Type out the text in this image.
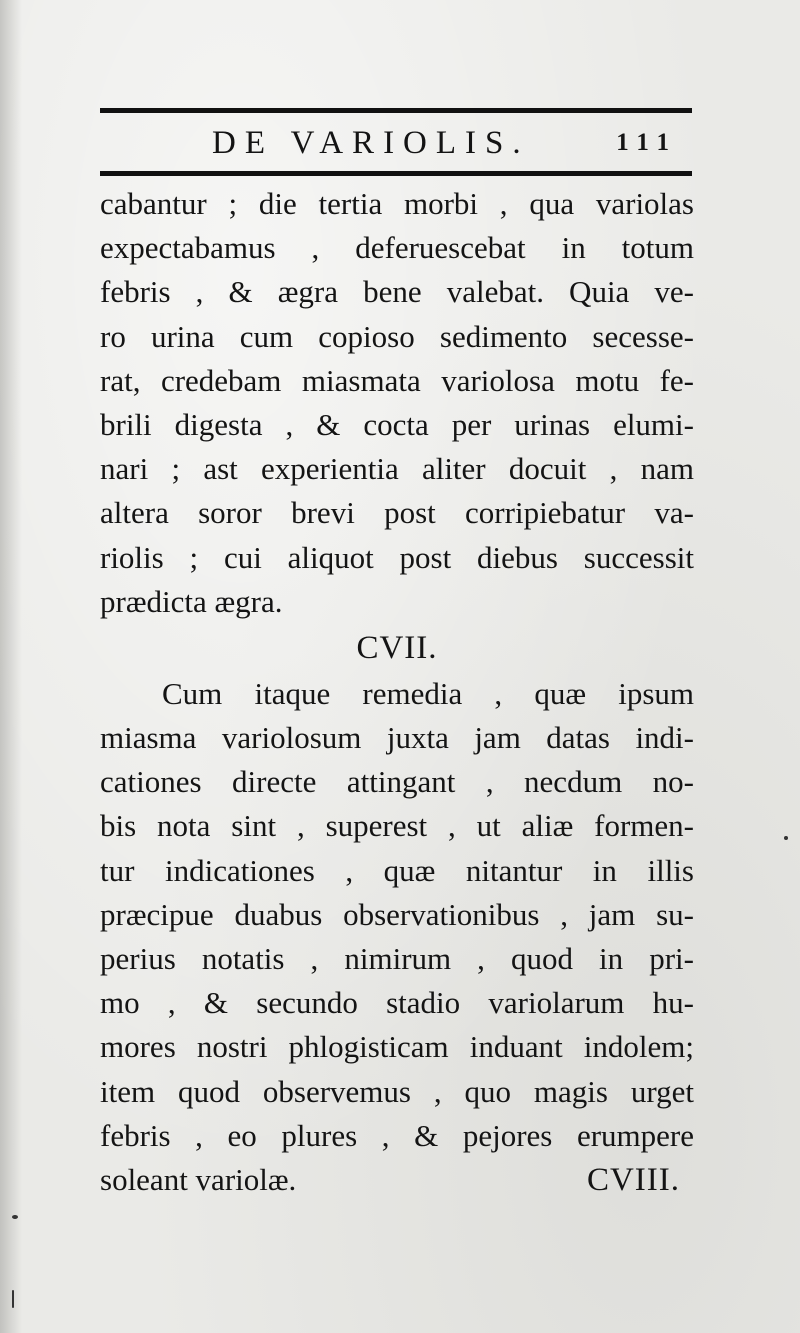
DE VARIOLIS.	111
cabantur ; die tertia morbi , qua variolas
expectabamus , deferuescebat in totum
febris , & ægra bene valebat. Quia ve-
ro urina cum copioso sedimento secesse-
rat, credebam miasmata variolosa motu fe-
brili digesta , & cocta per urinas elumi-
nari ; ast experientia aliter docuit , nam
altera soror brevi post corripiebatur va-
riolis ; cui aliquot post diebus successit
prædicta ægra.
CVII.
Cum itaque remedia , quæ ipsum
miasma variolosum juxta jam datas indi-
cationes directe attingant , necdum no-
bis nota sint , superest , ut aliæ formen-
tur indicationes , quæ nitantur in illis
præcipue duabus observationibus , jam su-
perius notatis , nimirum , quod in pri-
mo , & secundo stadio variolarum hu-
mores nostri phlogisticam induant indolem;
item quod observemus , quo magis urget
febris , eo plures , & pejores erumpere
soleant variolæ.	CVIII.
